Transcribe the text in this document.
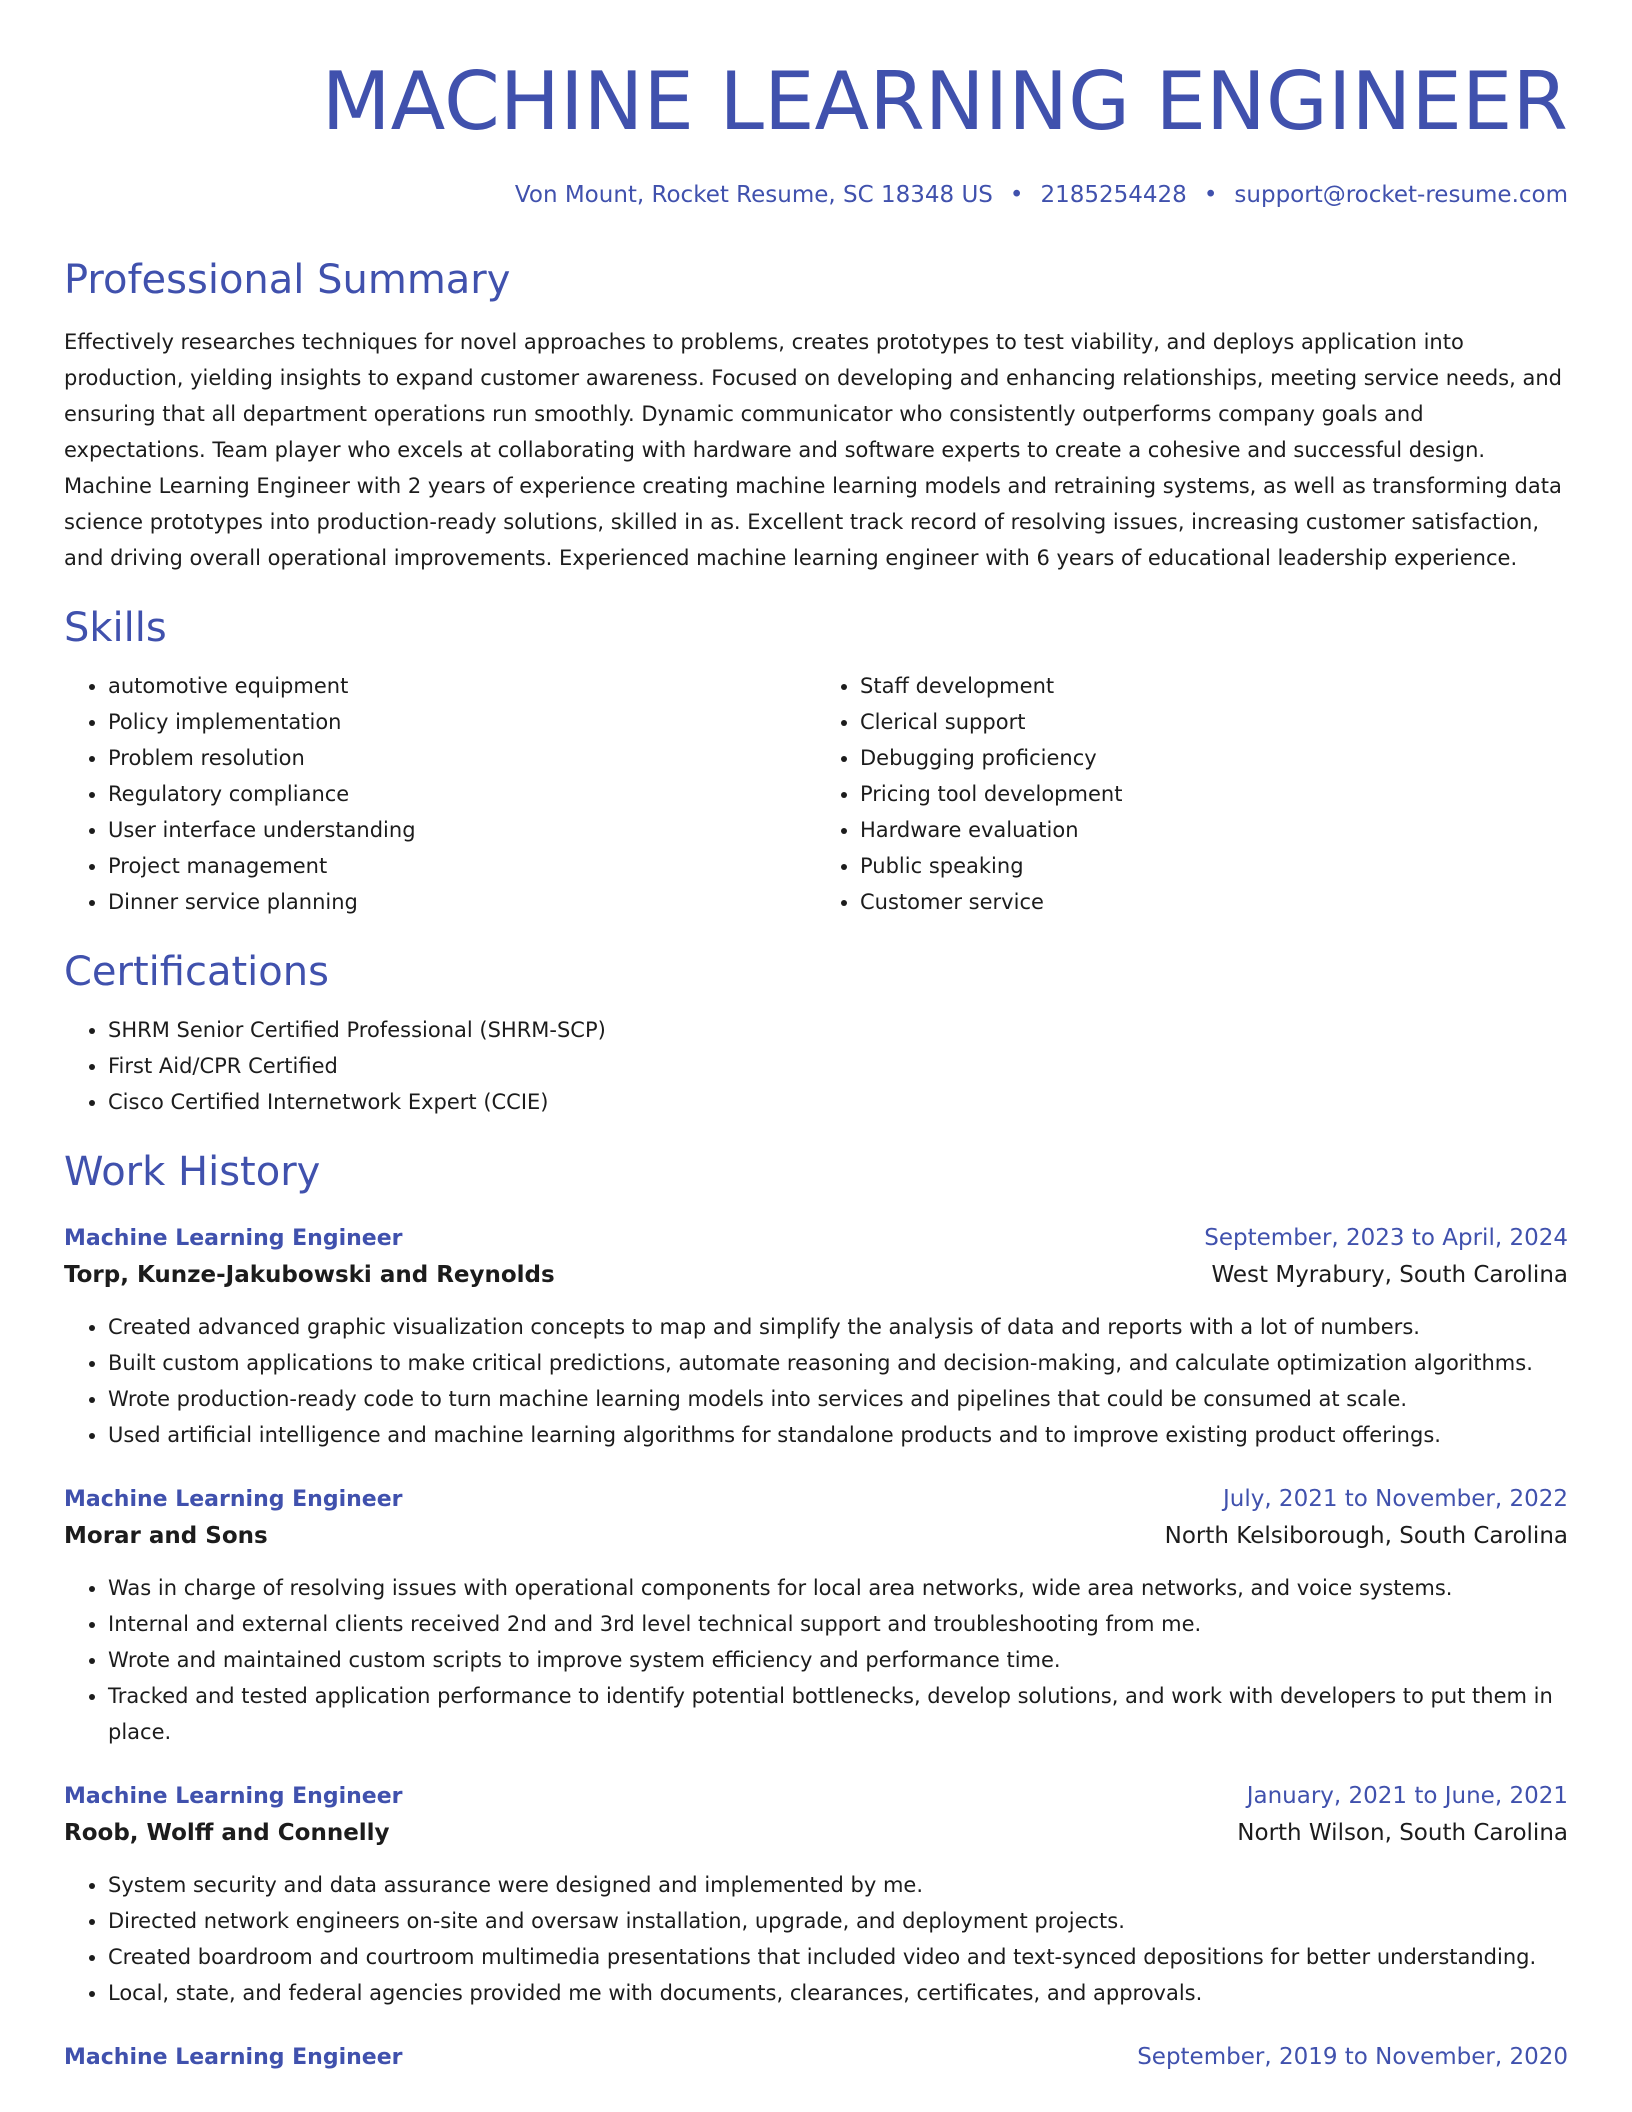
MACHINE LEARNING ENGINEER
Von Mount, Rocket Resume, SC 18348 US • 2185254428 • support@rocket-resume.com
Professional Summary

Effectively researches techniques for novel approaches to problems, creates prototypes to test viability, and deploys application into production, yielding insights to expand customer awareness. Focused on developing and enhancing relationships, meeting service needs, and ensuring that all department operations run smoothly. Dynamic communicator who consistently outperforms company goals and expectations. Team player who excels at collaborating with hardware and software experts to create a cohesive and successful design. Machine Learning Engineer with 2 years of experience creating machine learning models and retraining systems, as well as transforming data science prototypes into production-ready solutions, skilled in as. Excellent track record of resolving issues, increasing customer satisfaction, and driving overall operational improvements. Experienced machine learning engineer with 6 years of educational leadership experience.

Skills
• automotive equipment
• Policy implementation
• Problem resolution
• Regulatory compliance
• User interface understanding
• Project management
• Dinner service planning
• Staff development
• Clerical support
• Debugging proficiency
• Pricing tool development
• Hardware evaluation
• Public speaking
• Customer service
Certifications
• SHRM Senior Certified Professional (SHRM-SCP)
• First Aid/CPR Certified
• Cisco Certified Internetwork Expert (CCIE)
Work History
Machine Learning Engineer	September, 2023 to April, 2024
Torp, Kunze-Jakubowski and Reynolds	West Myrabury, South Carolina
• Created advanced graphic visualization concepts to map and simplify the analysis of data and reports with a lot of numbers.
• Built custom applications to make critical predictions, automate reasoning and decision-making, and calculate optimization algorithms.
• Wrote production-ready code to turn machine learning models into services and pipelines that could be consumed at scale.
• Used artificial intelligence and machine learning algorithms for standalone products and to improve existing product offerings.
Machine Learning Engineer	July, 2021 to November, 2022
Morar and Sons	North Kelsiborough, South Carolina
• Was in charge of resolving issues with operational components for local area networks, wide area networks, and voice systems.
• Internal and external clients received 2nd and 3rd level technical support and troubleshooting from me.
• Wrote and maintained custom scripts to improve system efficiency and performance time.
• Tracked and tested application performance to identify potential bottlenecks, develop solutions, and work with developers to put them in place.
Machine Learning Engineer	January, 2021 to June, 2021
Roob, Wolff and Connelly	North Wilson, South Carolina
• System security and data assurance were designed and implemented by me.
• Directed network engineers on-site and oversaw installation, upgrade, and deployment projects.
• Created boardroom and courtroom multimedia presentations that included video and text-synced depositions for better understanding.
• Local, state, and federal agencies provided me with documents, clearances, certificates, and approvals.
Machine Learning Engineer	September, 2019 to November, 2020
